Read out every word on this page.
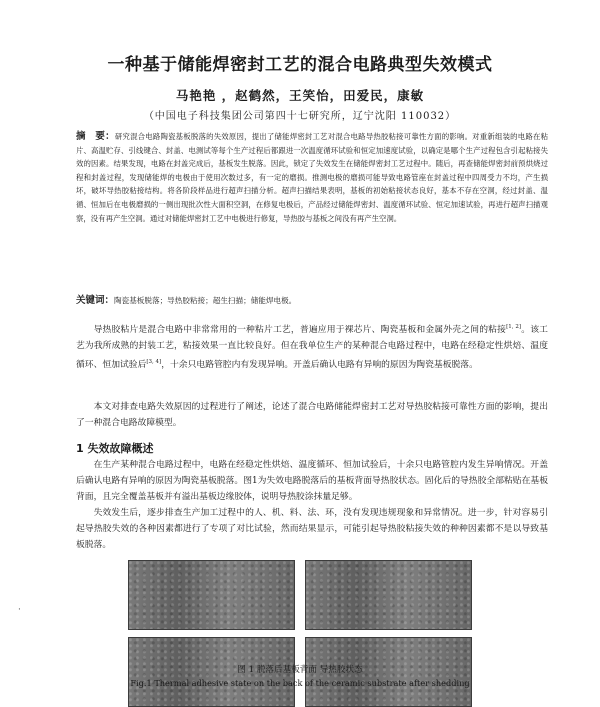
一种基于储能焊密封工艺的混合电路典型失效模式
马艳艳 ，赵鹤然，王笑怡，田爱民，康敏
（中国电子科技集团公司第四十七研究所，辽宁沈阳 110032）
摘　要：研究混合电路陶瓷基板脱落的失效原因，提出了储能焊密封工艺对混合电路导热胶粘接可靠性方面的影响。对重新组装的电路在粘片、高温贮存、引线键合、封盖、电测试等每个生产过程后都跟进一次温度循环试验和恒定加速度试验，以确定是哪个生产过程包含引起粘接失效的因素。结果发现，电路在封盖完成后，基板发生脱落。因此，锁定了失效发生在储能焊密封工艺过程中。随后，再查储能焊密封前预烘烧过程和封盖过程，发现储能焊的电极由于使用次数过多，有一定的磨损。推测电极的磨损可能导致电路管座在封盖过程中四周受力不均，产生损坏，破坏导热胶粘接结构。将各阶段样品进行超声扫描分析。超声扫描结果表明，基板的初始粘接状态良好，基本不存在空洞，经过封盖、温循、恒加后在电极磨损的一侧出现批次性大面积空洞，在修复电极后，产品经过储能焊密封、温度循环试验、恒定加速试验，再进行超声扫描观察，没有再产生空洞。通过对储能焊密封工艺中电极进行修复，导热胶与基板之间没有再产生空洞。
关键词：陶瓷基板脱落；导热胶粘接；超生扫描；储能焊电极。
导热胶粘片是混合电路中非常常用的一种粘片工艺，普遍应用于裸芯片、陶瓷基板和金属外壳之间的粘接[1, 2]。该工艺为我所成熟的封装工艺，粘接效果一直比较良好。但在我单位生产的某种混合电路过程中，电路在经稳定性烘焙、温度循环、恒加试验后[3, 4]，十余只电路管腔内有发现异响。开盖后确认电路有异响的原因为陶瓷基板脱落。
本文对排查电路失效原因的过程进行了阐述，论述了混合电路储能焊密封工艺对导热胶粘接可靠性方面的影响，提出了一种混合电路故障模型。
1 失效故障概述
在生产某种混合电路过程中，电路在经稳定性烘焙、温度循环、恒加试验后，十余只电路管腔内发生异响情况。开盖后确认电路有异响的原因为陶瓷基板脱落。图1为失效电路脱落后的基板背面导热胶状态。固化后的导热胶全部粘贴在基板背面，且完全覆盖基板并有溢出基板边缘胶体，说明导热胶涂抹量足够。
失效发生后，逐步排查生产加工过程中的人、机、料、法、环，没有发现违规现象和异常情况。进一步，针对容易引起导热胶失效的各种因素都进行了专项了对比试验，然而结果显示，可能引起导热胶粘接失效的种种因素都不是以导致基板脱落。
图 1 脱落后基板背面 导热胶状态
Fig.1 Thermal adhesive state on the back of the ceramic substrate after shedding
·
